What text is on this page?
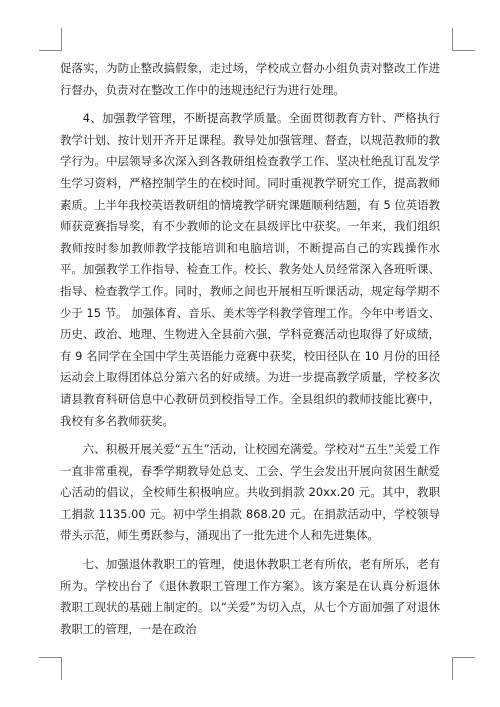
促落实，为防止整改搞假象，走过场，学校成立督办小组负责对整改工作进行督办，负责对在整改工作中的违规违纪行为进行处理。

4、加强教学管理，不断提高教学质量。全面贯彻教育方针、严格执行教学计划、按计划开齐开足课程。教导处加强管理、督查，以规范教师的教学行为。中层领导多次深入到各教研组检查教学工作、坚决杜绝乱订乱发学生学习资料，严格控制学生的在校时间。同时重视教学研究工作，提高教师素质。上半年我校英语教研组的情境教学研究课题顺利结题，有 5 位英语教师获竞赛指导奖，有不少教师的论文在县级评比中获奖。一年来，我们组织教师按时参加教师教学技能培训和电脑培训，不断提高自己的实践操作水平。加强教学工作指导、检查工作。校长、教务处人员经常深入各班听课、指导、检查教学工作。同时，教师之间也开展相互听课活动，规定每学期不少于 15 节。 加强体育、音乐、美术等学科教学管理工作。今年中考语文、历史、政治、地理、生物进入全县前六强，学科竞赛活动也取得了好成绩，有 9 名同学在全国中学生英语能力竞赛中获奖，校田径队在 10 月份的田径运动会上取得团体总分第六名的好成绩。为进一步提高教学质量，学校多次请县教育科研信息中心教研员到校指导工作。全县组织的教师技能比赛中，我校有多名教师获奖。

六、积极开展关爱“五生”活动，让校园充满爱。学校对“五生”关爱工作一直非常重视，春季学期教导处总支、工会、学生会发出开展向贫困生献爱心活动的倡议，全校师生积极响应。共收到捐款 20xx.20 元。其中，教职工捐款 1135.00 元。初中学生捐款 868.20 元。在捐款活动中，学校领导带头示范，师生勇跃参与，涌现出了一批先进个人和先进集体。

七、加强退休教职工的管理，使退休教职工老有所依，老有所乐，老有所为。学校出台了《退休教职工管理工作方案》。该方案是在认真分析退休教职工现状的基础上制定的。以“关爱”为切入点，从七个方面加强了对退休教职工的管理，一是在政治
